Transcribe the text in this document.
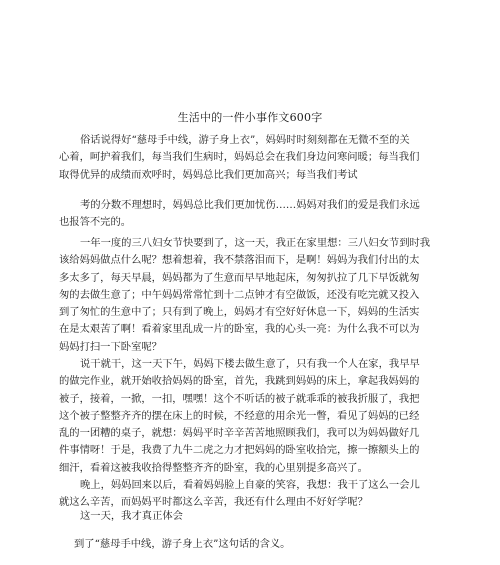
生活中的一件小事作文600字

俗话说得好“慈母手中线，游子身上衣”，妈妈时时刻刻都在无微不至的关
心着，呵护着我们，每当我们生病时，妈妈总会在我们身边问寒问暖；每当我们
取得优异的成绩而欢呼时，妈妈总比我们更加高兴；每当我们考试

考的分数不理想时，妈妈总比我们更加忧伤……妈妈对我们的爱是我们永远
也报答不完的。

一年一度的三八妇女节快要到了，这一天，我正在家里想：三八妇女节到时我
该给妈妈做点什么呢？想着想着，我不禁落泪而下，是啊！妈妈为我们付出的太
多太多了，每天早晨，妈妈都为了生意而早早地起床，匆匆扒拉了几下早饭就匆
匆的去做生意了；中午妈妈常常忙到十二点钟才有空做饭，还没有吃完就又投入
到了匆忙的生意中了；只有到了晚上，妈妈才有空好好休息一下，妈妈的生活实
在是太艰苦了啊！看着家里乱成一片的卧室，我的心头一亮：为什么我不可以为
妈妈打扫一下卧室呢？

说干就干，这一天下午，妈妈下楼去做生意了，只有我一个人在家，我早早
的做完作业，就开始收拾妈妈的卧室，首先，我跳到妈妈的床上，拿起我妈妈的
被子，接着，一掀，一扣，嘿嘿！这个不听话的被子就乖乖的被我折服了，我把
这个被子整整齐齐的摆在床上的时候，不经意的用余光一瞥，看见了妈妈的已经
乱的一团糟的桌子，就想：妈妈平时辛辛苦苦地照顾我们，我可以为妈妈做好几
件事情呀！于是，我费了九牛二虎之力才把妈妈的卧室收拾完，擦一擦额头上的
细汗，看着这被我收拾得整整齐齐的卧室，我的心里别提多高兴了。

晚上，妈妈回来以后，看着妈妈脸上自豪的笑容，我想：我干了这么一会儿
就这么辛苦，而妈妈平时都这么辛苦，我还有什么理由不好好学呢？

这一天，我才真正体会

到了“慈母手中线，游子身上衣”这句话的含义。
